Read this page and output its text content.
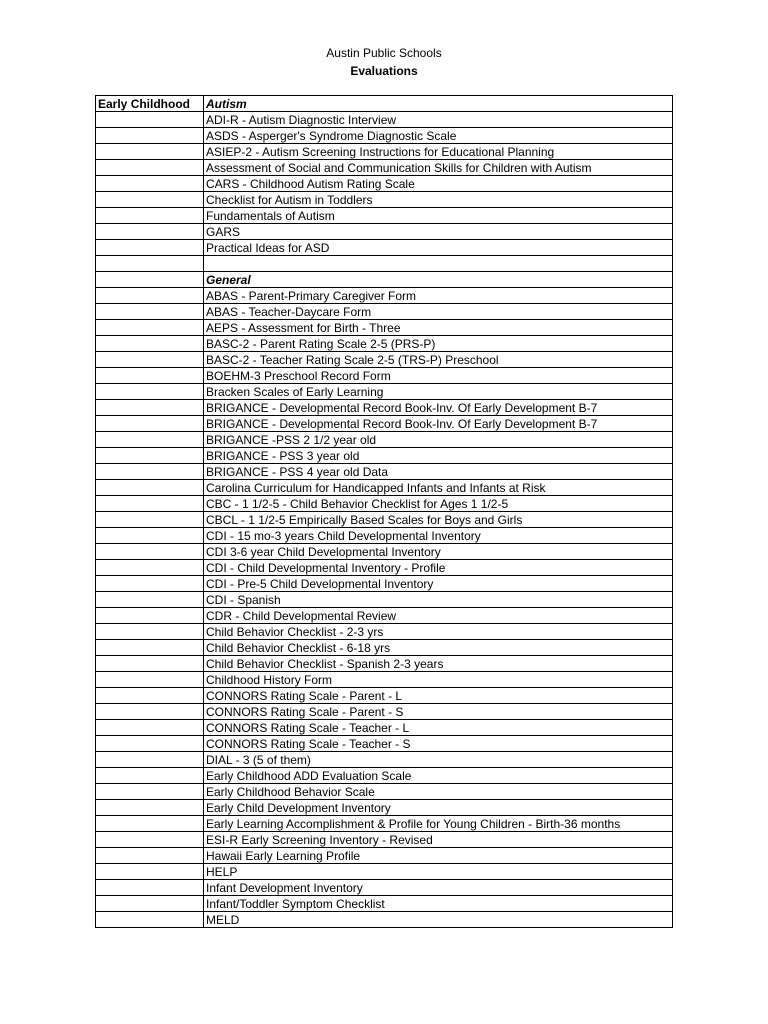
Austin Public Schools
Evaluations
Early Childhood	Autism
	ADI-R - Autism Diagnostic Interview
	ASDS - Asperger's Syndrome Diagnostic Scale
	ASIEP-2 - Autism Screening Instructions for Educational Planning
	Assessment of Social and Communication Skills for Children with Autism
	CARS - Childhood Autism Rating Scale
	Checklist for Autism in Toddlers
	Fundamentals of Autism
	GARS
	Practical Ideas for ASD

	General
	ABAS - Parent-Primary Caregiver Form
	ABAS - Teacher-Daycare Form
	AEPS - Assessment for Birth - Three
	BASC-2 - Parent Rating Scale 2-5 (PRS-P)
	BASC-2 - Teacher Rating Scale 2-5 (TRS-P) Preschool
	BOEHM-3 Preschool Record Form
	Bracken Scales of Early Learning
	BRIGANCE - Developmental Record Book-Inv. Of Early Development B-7
	BRIGANCE - Developmental Record Book-Inv. Of Early Development B-7
	BRIGANCE -PSS 2 1/2 year old
	BRIGANCE - PSS 3 year old
	BRIGANCE - PSS 4 year old Data
	Carolina Curriculum for Handicapped Infants and Infants at Risk
	CBC - 1 1/2-5 - Child Behavior Checklist for Ages 1 1/2-5
	CBCL - 1 1/2-5 Empirically Based Scales for Boys and Girls
	CDI - 15 mo-3 years Child Developmental Inventory
	CDI 3-6 year Child Developmental Inventory
	CDI - Child Developmental Inventory - Profile
	CDI - Pre-5 Child Developmental Inventory
	CDI - Spanish
	CDR - Child Developmental Review
	Child Behavior Checklist - 2-3 yrs
	Child Behavior Checklist - 6-18 yrs
	Child Behavior Checklist - Spanish 2-3 years
	Childhood History Form
	CONNORS Rating Scale - Parent - L
	CONNORS Rating Scale - Parent - S
	CONNORS Rating Scale - Teacher - L
	CONNORS Rating Scale - Teacher - S
	DIAL - 3 (5 of them)
	Early Childhood ADD Evaluation Scale
	Early Childhood Behavior Scale
	Early Child Development Inventory
	Early Learning Accomplishment & Profile for Young Children - Birth-36 months
	ESI-R Early Screening Inventory - Revised
	Hawaii Early Learning Profile
	HELP
	Infant Development Inventory
	Infant/Toddler Symptom Checklist
	MELD
